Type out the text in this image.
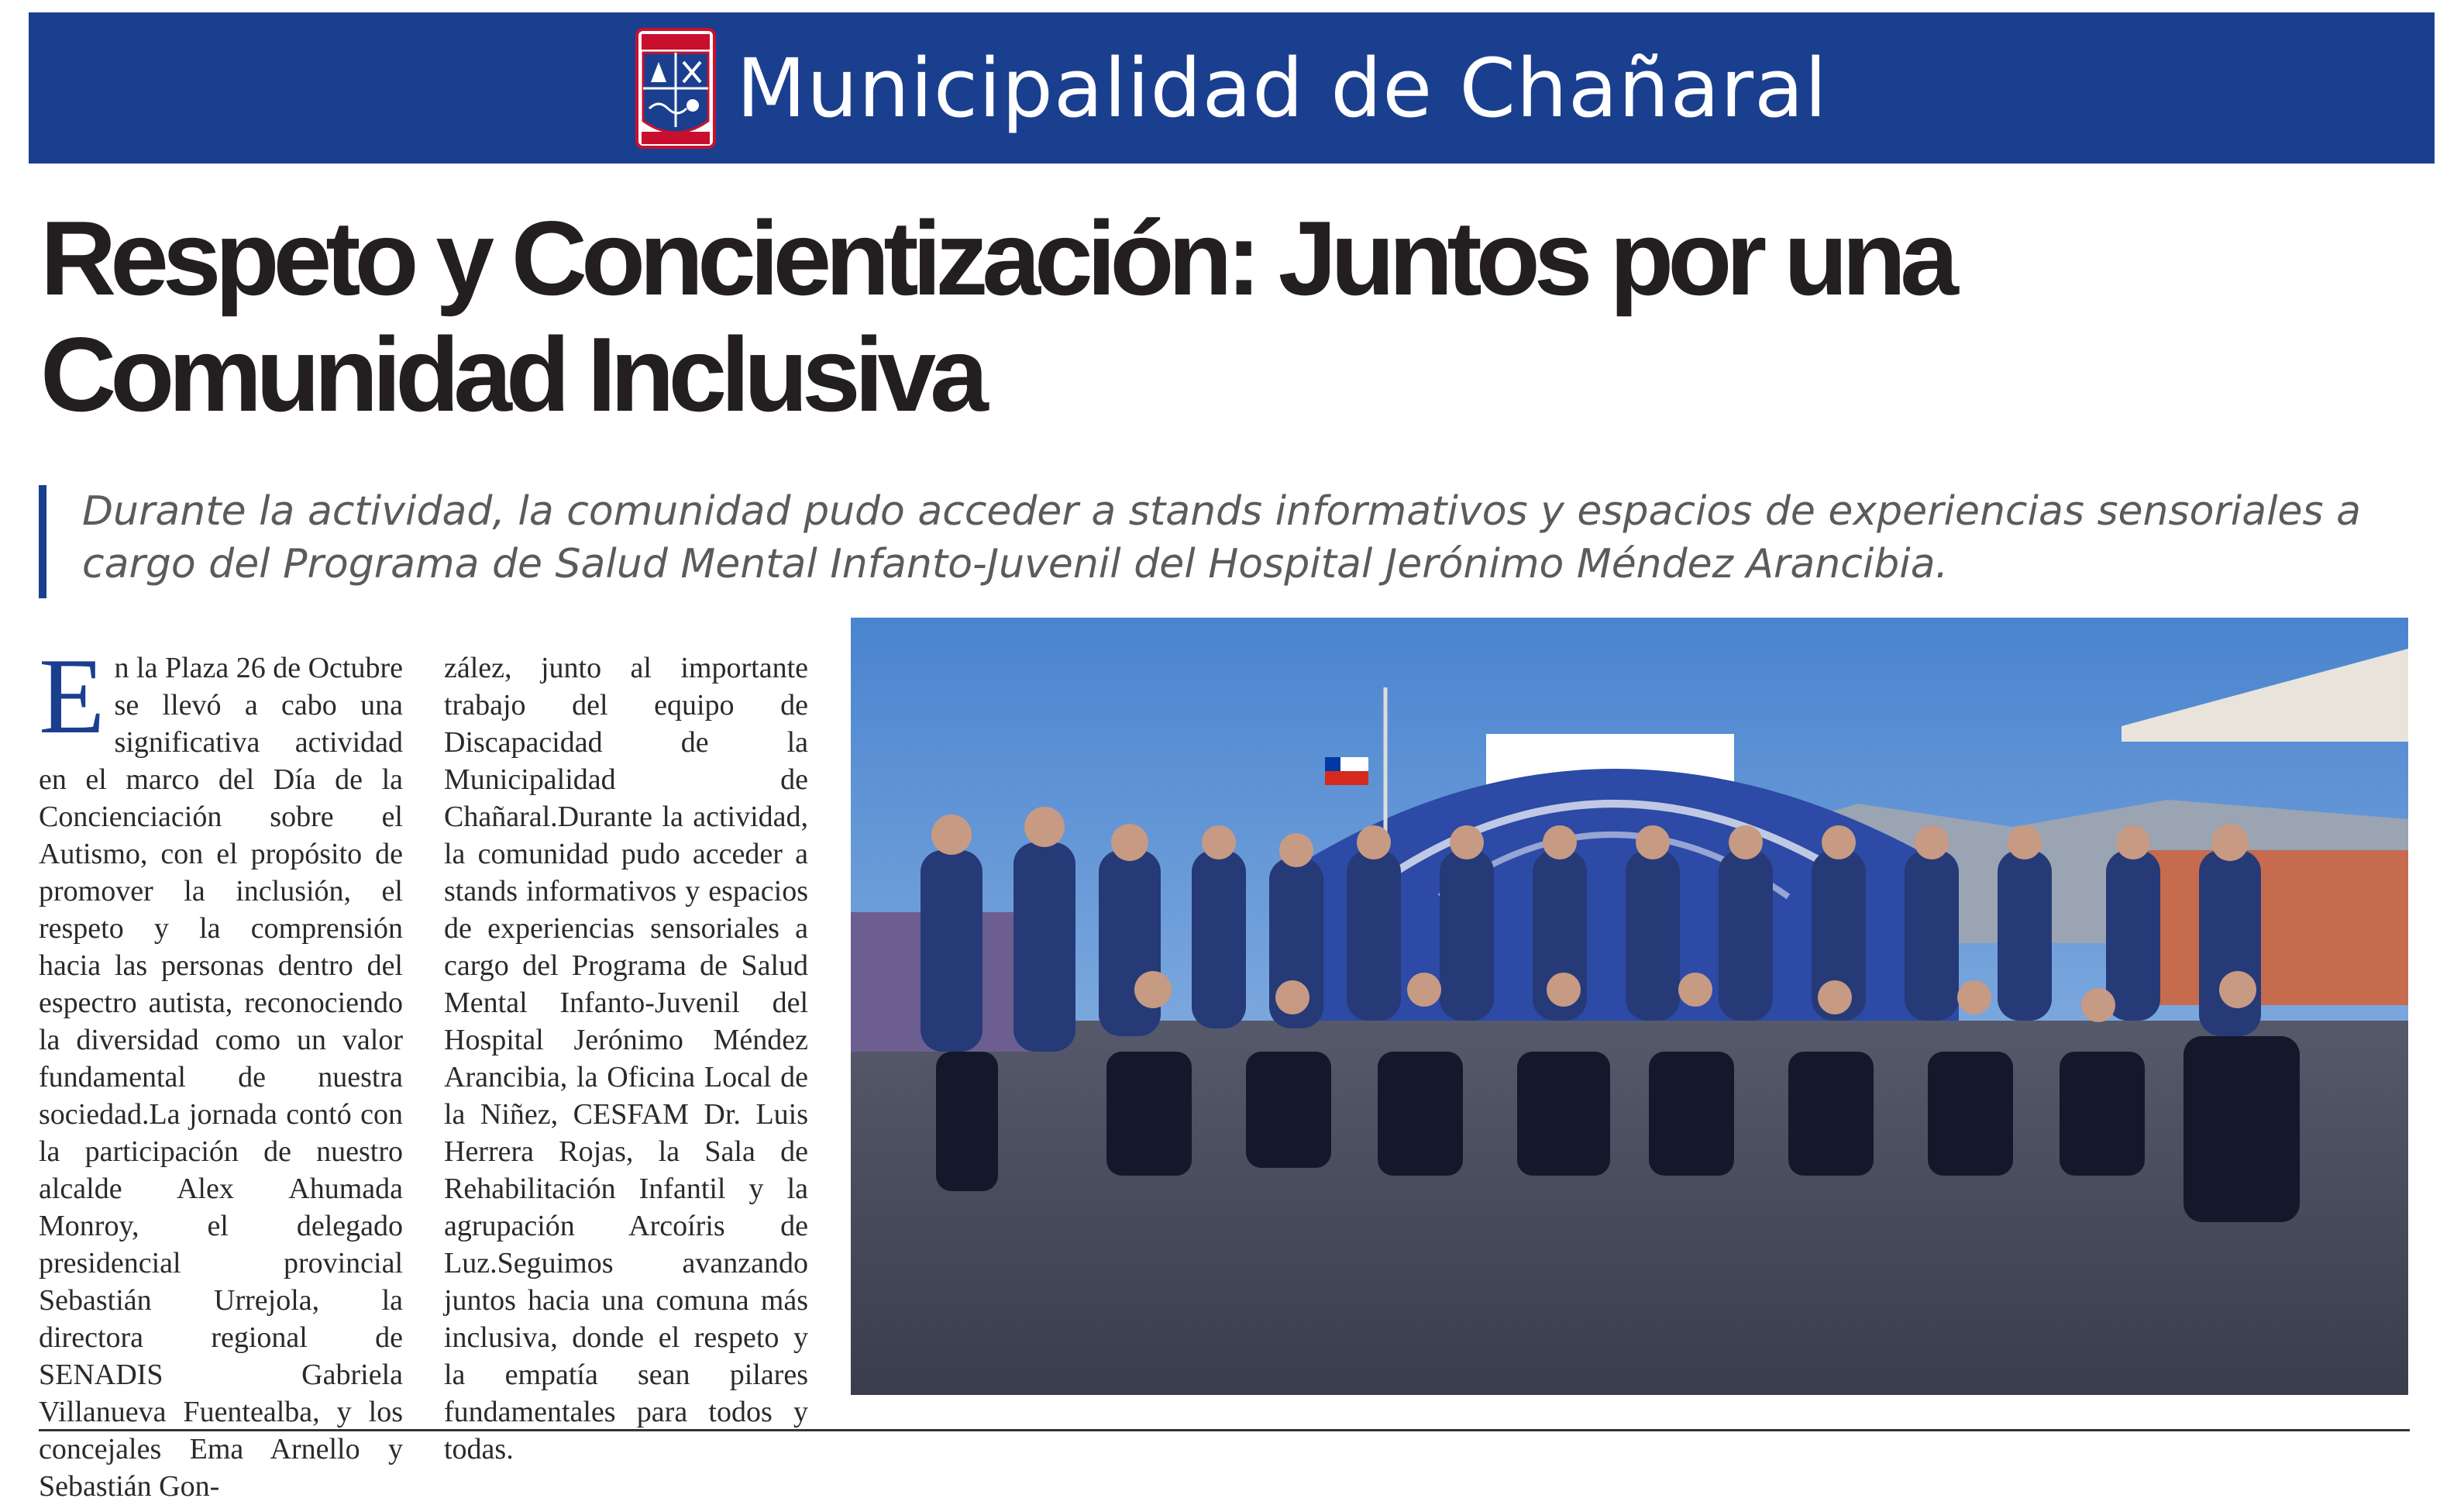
Municipalidad de Chañaral
Respeto y Concientización: Juntos por una Comunidad Inclusiva

Durante la actividad, la comunidad pudo acceder a stands informativos y espacios de experiencias sensoriales a cargo del Programa de Salud Mental Infanto-Juvenil del Hospital Jerónimo Méndez Arancibia.

En la Plaza 26 de Octubre se llevó a cabo una significativa actividad en el marco del Día de la Concienciación sobre el Autismo, con el propósito de promover la inclusión, el respeto y la comprensión hacia las personas dentro del espectro autista, reconociendo la diversidad como un valor fundamental de nuestra sociedad.La jornada contó con la participación de nuestro alcalde Alex Ahumada Monroy, el delegado presidencial provincial Sebastián Urrejola, la directora regional de SENADIS Gabriela Villanueva Fuentealba, y los concejales Ema Arnello y Sebastián Gon-
zález, junto al importante trabajo del equipo de Discapacidad de la Municipalidad de Chañaral.Durante la actividad, la comunidad pudo acceder a stands informativos y espacios de experiencias sensoriales a cargo del Programa de Salud Mental Infanto-Juvenil del Hospital Jerónimo Méndez Arancibia, la Oficina Local de la Niñez, CESFAM Dr. Luis Herrera Rojas, la Sala de Rehabilitación Infantil y la agrupación Arcoíris de Luz.Seguimos avanzando juntos hacia una comuna más inclusiva, donde el respeto y la empatía sean pilares fundamentales para todos y todas.
